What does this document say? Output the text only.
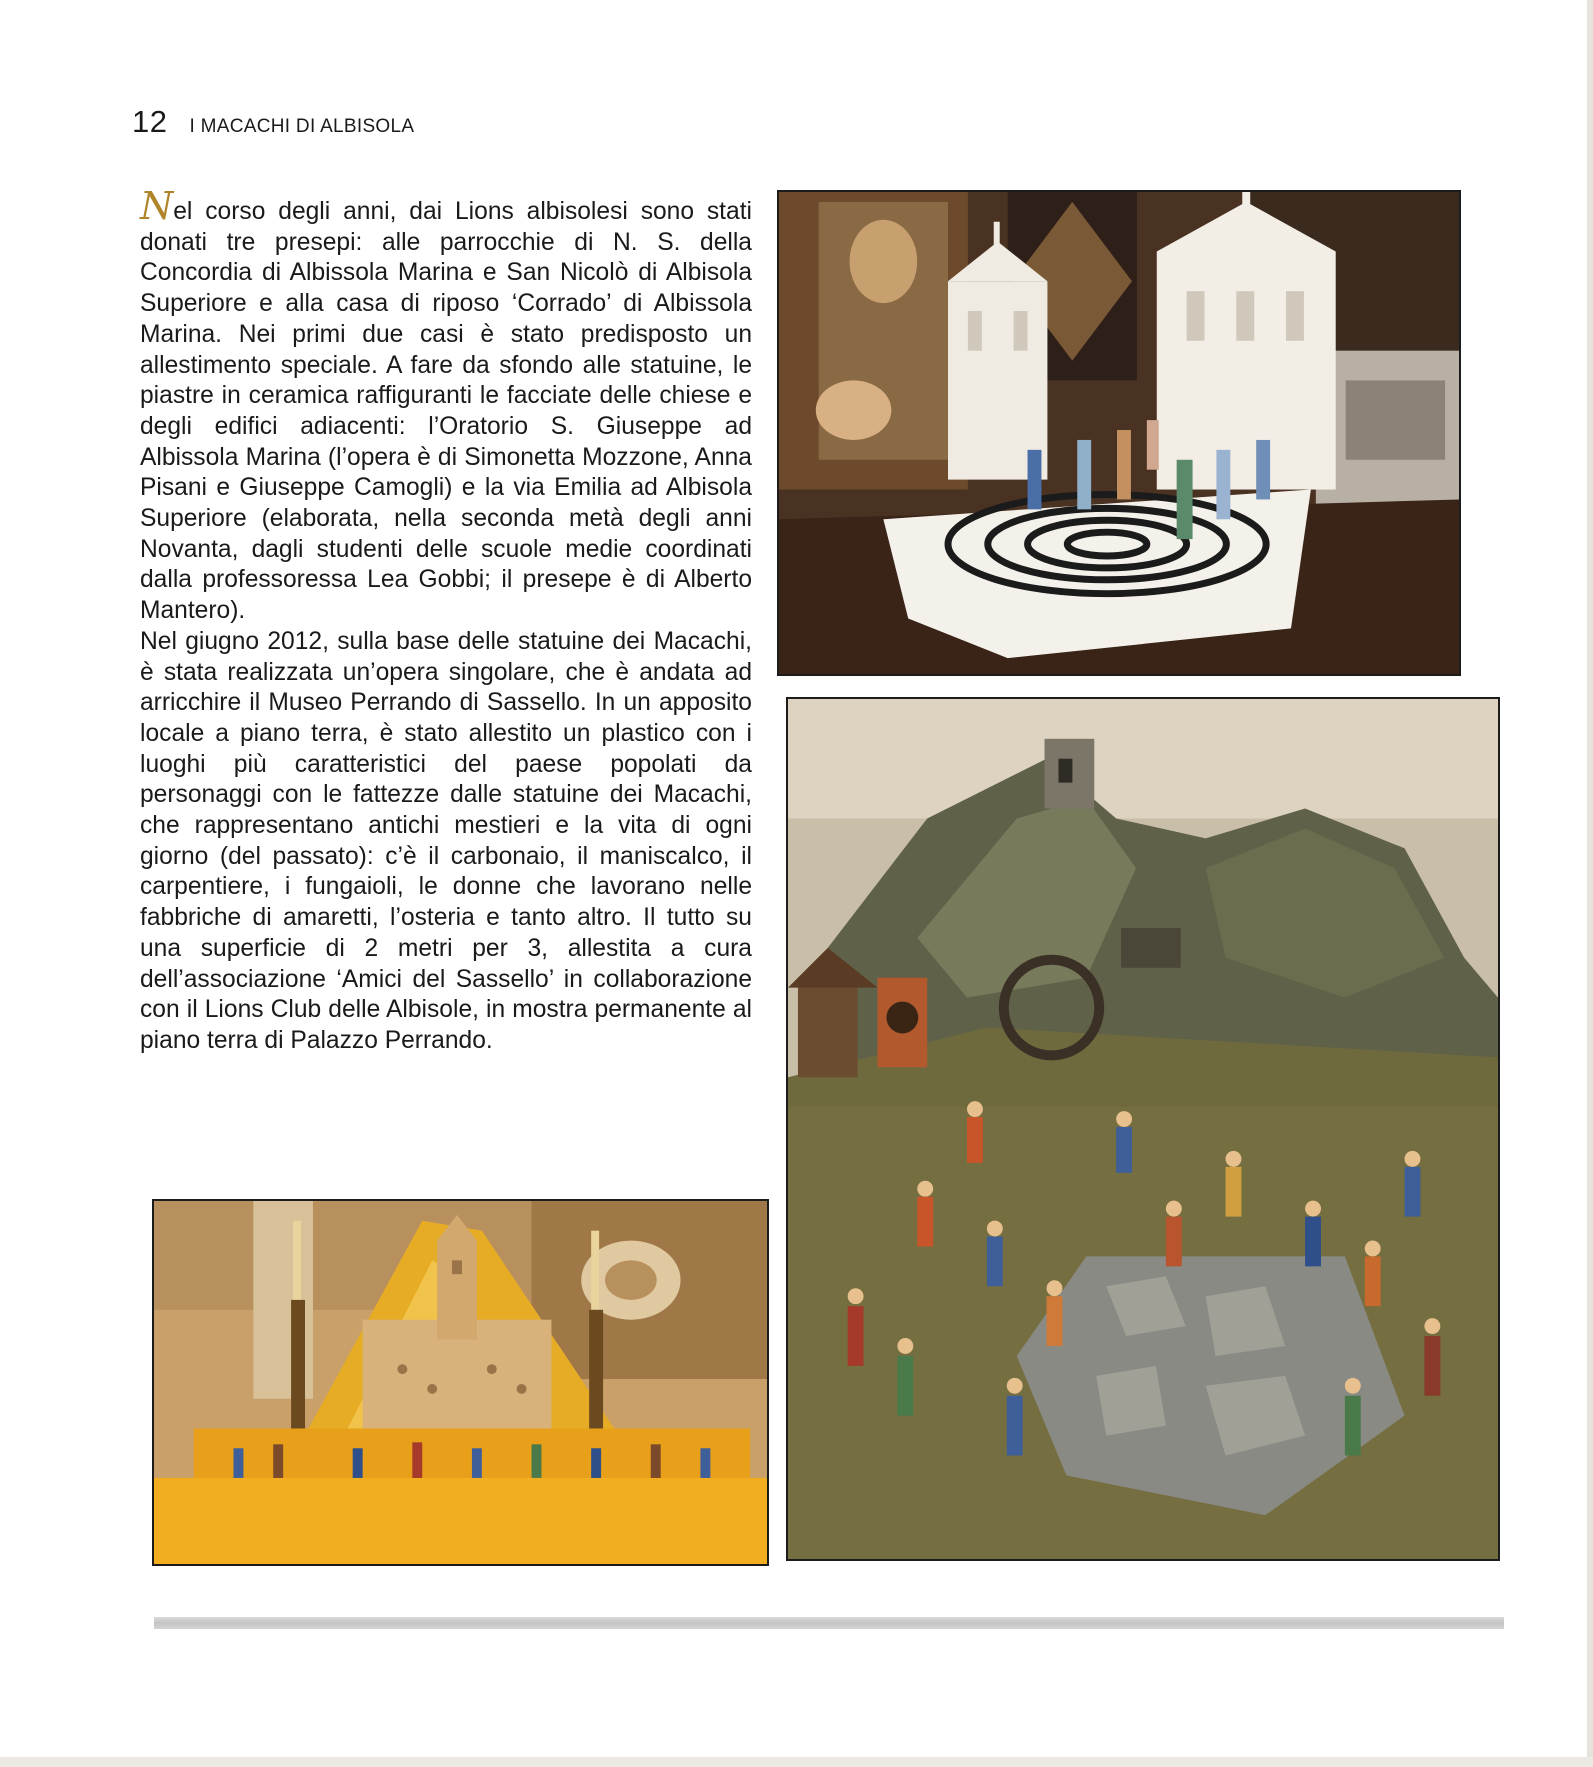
12 I MACACHI DI ALBISOLA

Nel corso degli anni, dai Lions albisolesi sono stati donati tre presepi: alle parrocchie di N. S. della Concordia di Albissola Marina e San Nicolò di Albisola Superiore e alla casa di riposo ‘Corrado’ di Albissola Marina. Nei primi due casi è stato predisposto un allestimento speciale. A fare da sfondo alle statuine, le piastre in ceramica raffiguranti le facciate delle chiese e degli edifici adiacenti: l’Oratorio S. Giuseppe ad Albissola Marina (l’opera è di Simonetta Mozzone, Anna Pisani e Giuseppe Camogli) e la via Emilia ad Albisola Superiore (elaborata, nella seconda metà degli anni Novanta, dagli studenti delle scuole medie coordinati dalla professoressa Lea Gobbi; il presepe è di Alberto Mantero).

Nel giugno 2012, sulla base delle statuine dei Macachi, è stata realizzata un’opera singolare, che è andata ad arricchire il Museo Perrando di Sassello. In un apposito locale a piano terra, è stato allestito un plastico con i luoghi più caratteristici del paese popolati da personaggi con le fattezze dalle statuine dei Macachi, che rappresentano antichi mestieri e la vita di ogni giorno (del passato): c’è il carbonaio, il maniscalco, il carpentiere, i fungaioli, le donne che lavorano nelle fabbriche di amaretti, l’osteria e tanto altro. Il tutto su una superficie di 2 metri per 3, allestita a cura dell’associazione ‘Amici del Sassello’ in collaborazione con il Lions Club delle Albisole, in mostra permanente al piano terra di Palazzo Perrando.
